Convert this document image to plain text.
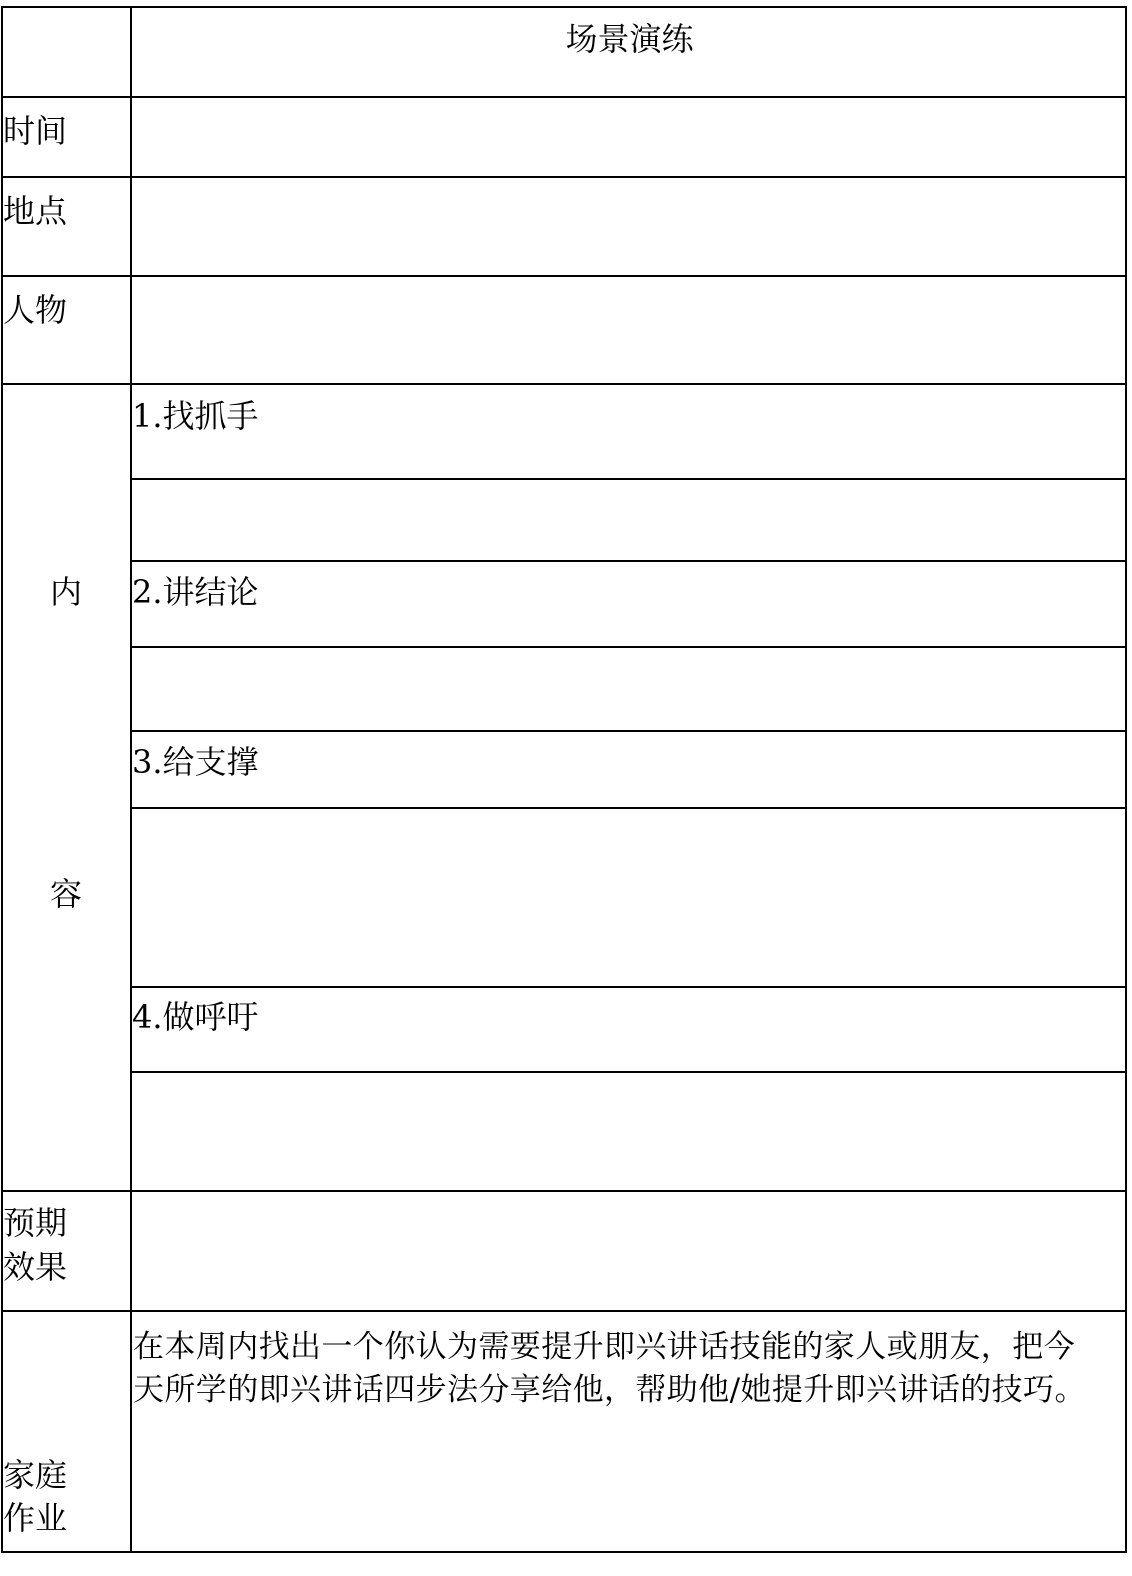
场景演练
时间
地点
人物
内
容
预期
效果
家庭
作业
1.找抓手
2.讲结论
3.给支撑
4.做呼吁
在本周内找出一个你认为需要提升即兴讲话技能的家人或朋友，把今
天所学的即兴讲话四步法分享给他，帮助他/她提升即兴讲话的技巧。
